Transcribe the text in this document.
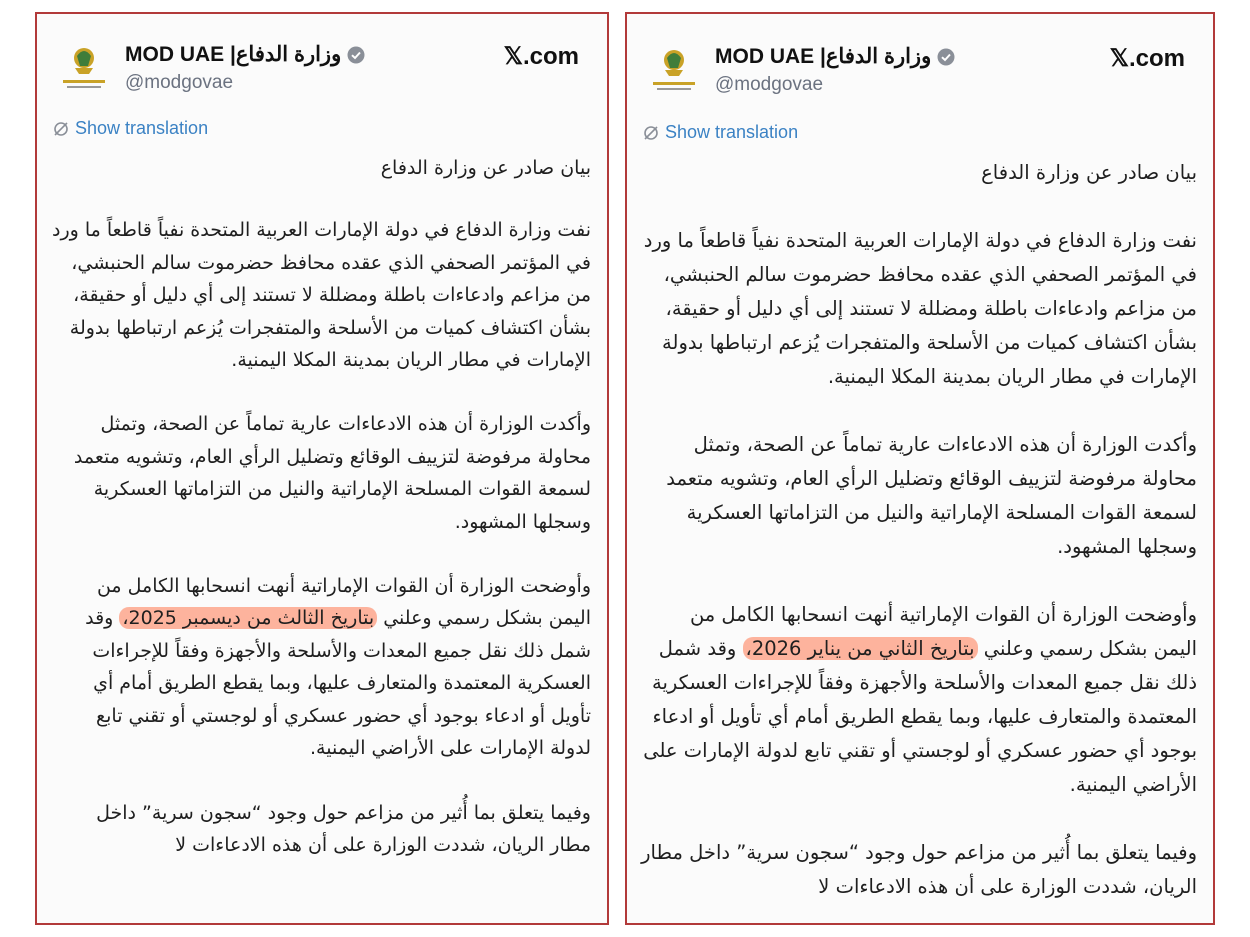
MOD UAE |وزارة الدفاع
@modgovae
𝕏.com
Show translation

بيان صادر عن وزارة الدفاع

نفت وزارة الدفاع في دولة الإمارات العربية المتحدة نفياً قاطعاً ما ورد في المؤتمر الصحفي الذي عقده محافظ حضرموت سالم الحنبشي، من مزاعم وادعاءات باطلة ومضللة لا تستند إلى أي دليل أو حقيقة، بشأن اكتشاف كميات من الأسلحة والمتفجرات يُزعم ارتباطها بدولة الإمارات في مطار الريان بمدينة المكلا اليمنية.

وأكدت الوزارة أن هذه الادعاءات عارية تماماً عن الصحة، وتمثل محاولة مرفوضة لتزييف الوقائع وتضليل الرأي العام، وتشويه متعمد لسمعة القوات المسلحة الإماراتية والنيل من التزاماتها العسكرية وسجلها المشهود.

وأوضحت الوزارة أن القوات الإماراتية أنهت انسحابها الكامل من اليمن بشكل رسمي وعلني بتاريخ الثالث من ديسمبر 2025، وقد شمل ذلك نقل جميع المعدات والأسلحة والأجهزة وفقاً للإجراءات العسكرية المعتمدة والمتعارف عليها، وبما يقطع الطريق أمام أي تأويل أو ادعاء بوجود أي حضور عسكري أو لوجستي أو تقني تابع لدولة الإمارات على الأراضي اليمنية.

وفيما يتعلق بما أُثير من مزاعم حول وجود “سجون سرية” داخل مطار الريان، شددت الوزارة على أن هذه الادعاءات لا

MOD UAE |وزارة الدفاع
@modgovae
𝕏.com
Show translation

بيان صادر عن وزارة الدفاع

نفت وزارة الدفاع في دولة الإمارات العربية المتحدة نفياً قاطعاً ما ورد في المؤتمر الصحفي الذي عقده محافظ حضرموت سالم الحنبشي، من مزاعم وادعاءات باطلة ومضللة لا تستند إلى أي دليل أو حقيقة، بشأن اكتشاف كميات من الأسلحة والمتفجرات يُزعم ارتباطها بدولة الإمارات في مطار الريان بمدينة المكلا اليمنية.

وأكدت الوزارة أن هذه الادعاءات عارية تماماً عن الصحة، وتمثل محاولة مرفوضة لتزييف الوقائع وتضليل الرأي العام، وتشويه متعمد لسمعة القوات المسلحة الإماراتية والنيل من التزاماتها العسكرية وسجلها المشهود.

وأوضحت الوزارة أن القوات الإماراتية أنهت انسحابها الكامل من اليمن بشكل رسمي وعلني بتاريخ الثاني من يناير 2026، وقد شمل ذلك نقل جميع المعدات والأسلحة والأجهزة وفقاً للإجراءات العسكرية المعتمدة والمتعارف عليها، وبما يقطع الطريق أمام أي تأويل أو ادعاء بوجود أي حضور عسكري أو لوجستي أو تقني تابع لدولة الإمارات على الأراضي اليمنية.

وفيما يتعلق بما أُثير من مزاعم حول وجود “سجون سرية” داخل مطار الريان، شددت الوزارة على أن هذه الادعاءات لا
